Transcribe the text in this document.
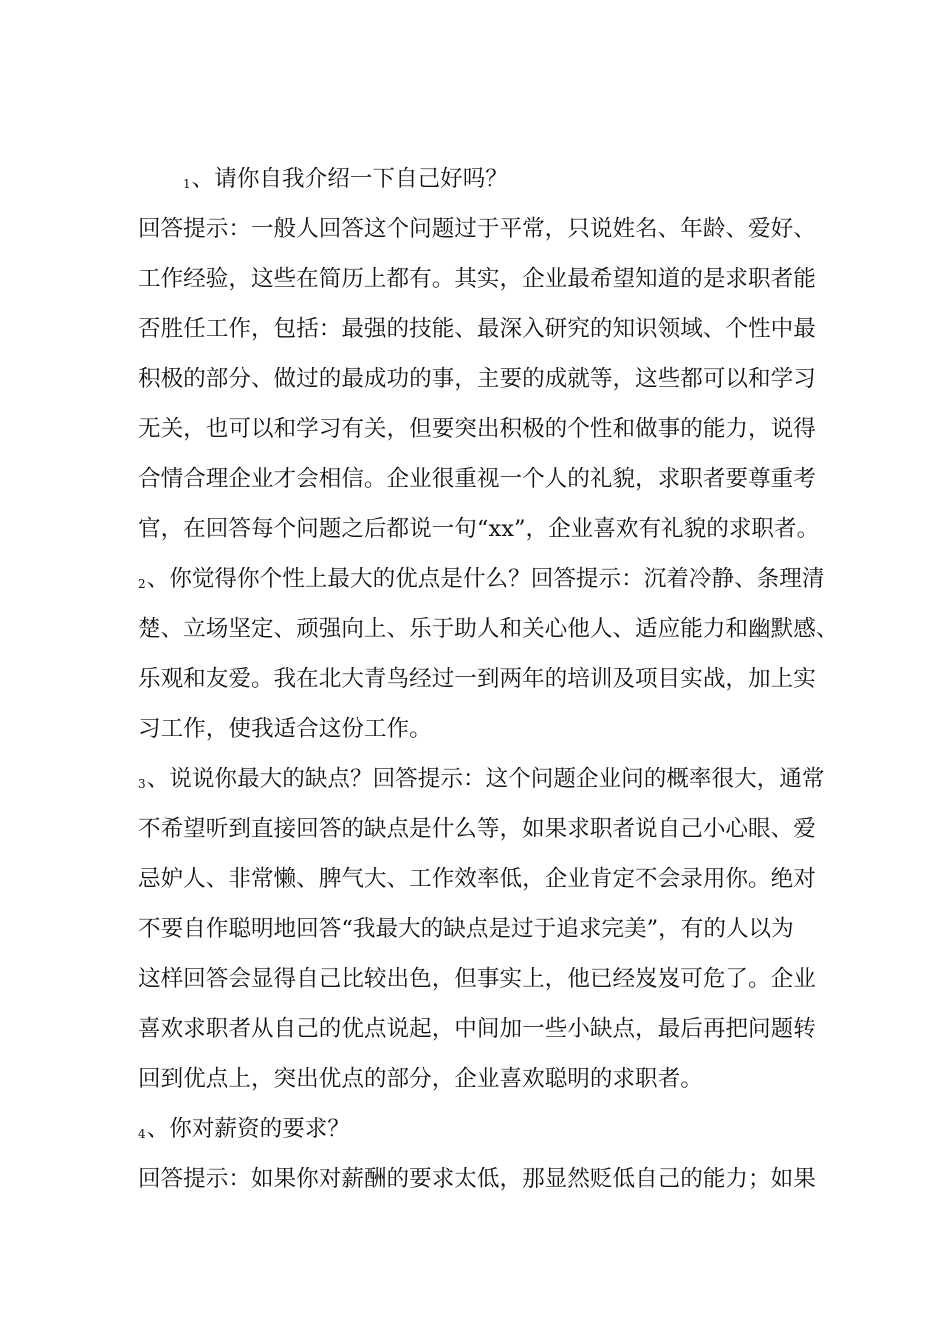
1、请你自我介绍一下自己好吗？
回答提示：一般人回答这个问题过于平常，只说姓名、年龄、爱好、
工作经验，这些在简历上都有。其实，企业最希望知道的是求职者能
否胜任工作，包括：最强的技能、最深入研究的知识领域、个性中最
积极的部分、做过的最成功的事，主要的成就等，这些都可以和学习
无关，也可以和学习有关，但要突出积极的个性和做事的能力，说得
合情合理企业才会相信。企业很重视一个人的礼貌，求职者要尊重考
官，在回答每个问题之后都说一句“xx”，企业喜欢有礼貌的求职者。
2、你觉得你个性上最大的优点是什么？回答提示：沉着冷静、条理清
楚、立场坚定、顽强向上、乐于助人和关心他人、适应能力和幽默感、
乐观和友爱。我在北大青鸟经过一到两年的培训及项目实战，加上实
习工作，使我适合这份工作。
3、说说你最大的缺点？回答提示：这个问题企业问的概率很大，通常
不希望听到直接回答的缺点是什么等，如果求职者说自己小心眼、爱
忌妒人、非常懒、脾气大、工作效率低，企业肯定不会录用你。绝对
不要自作聪明地回答“我最大的缺点是过于追求完美”，有的人以为
这样回答会显得自己比较出色，但事实上，他已经岌岌可危了。企业
喜欢求职者从自己的优点说起，中间加一些小缺点，最后再把问题转
回到优点上，突出优点的部分，企业喜欢聪明的求职者。
4、你对薪资的要求？
回答提示：如果你对薪酬的要求太低，那显然贬低自己的能力；如果
